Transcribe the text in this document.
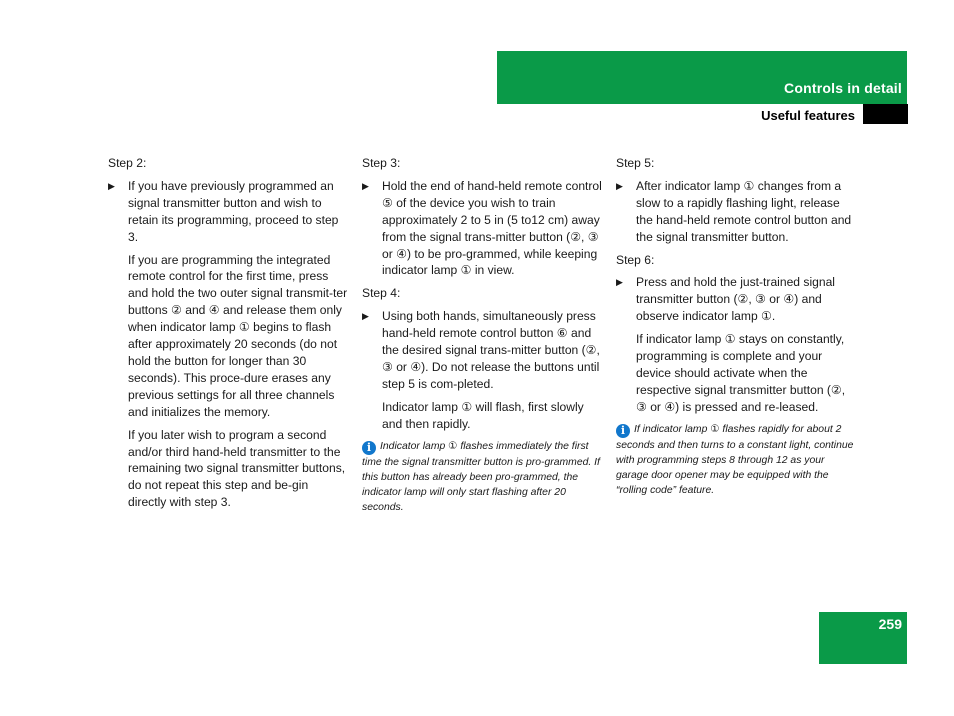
Controls in detail
Useful features

Step 2:

▶ If you have previously programmed an signal transmitter button and wish to retain its programming, proceed to step 3.

If you are programming the integrated remote control for the first time, press and hold the two outer signal transmit-ter buttons ② and ④ and release them only when indicator lamp ① begins to flash after approximately 20 seconds (do not hold the button for longer than 30 seconds). This proce-dure erases any previous settings for all three channels and initializes the memory.

If you later wish to program a second and/or third hand-held transmitter to the remaining two signal transmitter buttons, do not repeat this step and be-gin directly with step 3.

Step 3:

▶ Hold the end of hand-held remote control ⑤ of the device you wish to train approximately 2 to 5 in (5 to12 cm) away from the signal trans-mitter button (②, ③ or ④) to be pro-grammed, while keeping indicator lamp ① in view.

Step 4:

▶ Using both hands, simultaneously press hand-held remote control button ⑥ and the desired signal trans-mitter button (②, ③ or ④). Do not release the buttons until step 5 is com-pleted.

Indicator lamp ① will flash, first slowly and then rapidly.

i Indicator lamp ① flashes immediately the first time the signal transmitter button is pro-grammed. If this button has already been pro-grammed, the indicator lamp will only start flashing after 20 seconds.

Step 5:

▶ After indicator lamp ① changes from a slow to a rapidly flashing light, release the hand-held remote control button and the signal transmitter button.

Step 6:

▶ Press and hold the just-trained signal transmitter button (②, ③ or ④) and observe indicator lamp ①.

If indicator lamp ① stays on constantly, programming is complete and your device should activate when the respective signal transmitter button (②, ③ or ④) is pressed and re-leased.

i If indicator lamp ① flashes rapidly for about 2 seconds and then turns to a constant light, continue with programming steps 8 through 12 as your garage door opener may be equipped with the “rolling code” feature.

259
